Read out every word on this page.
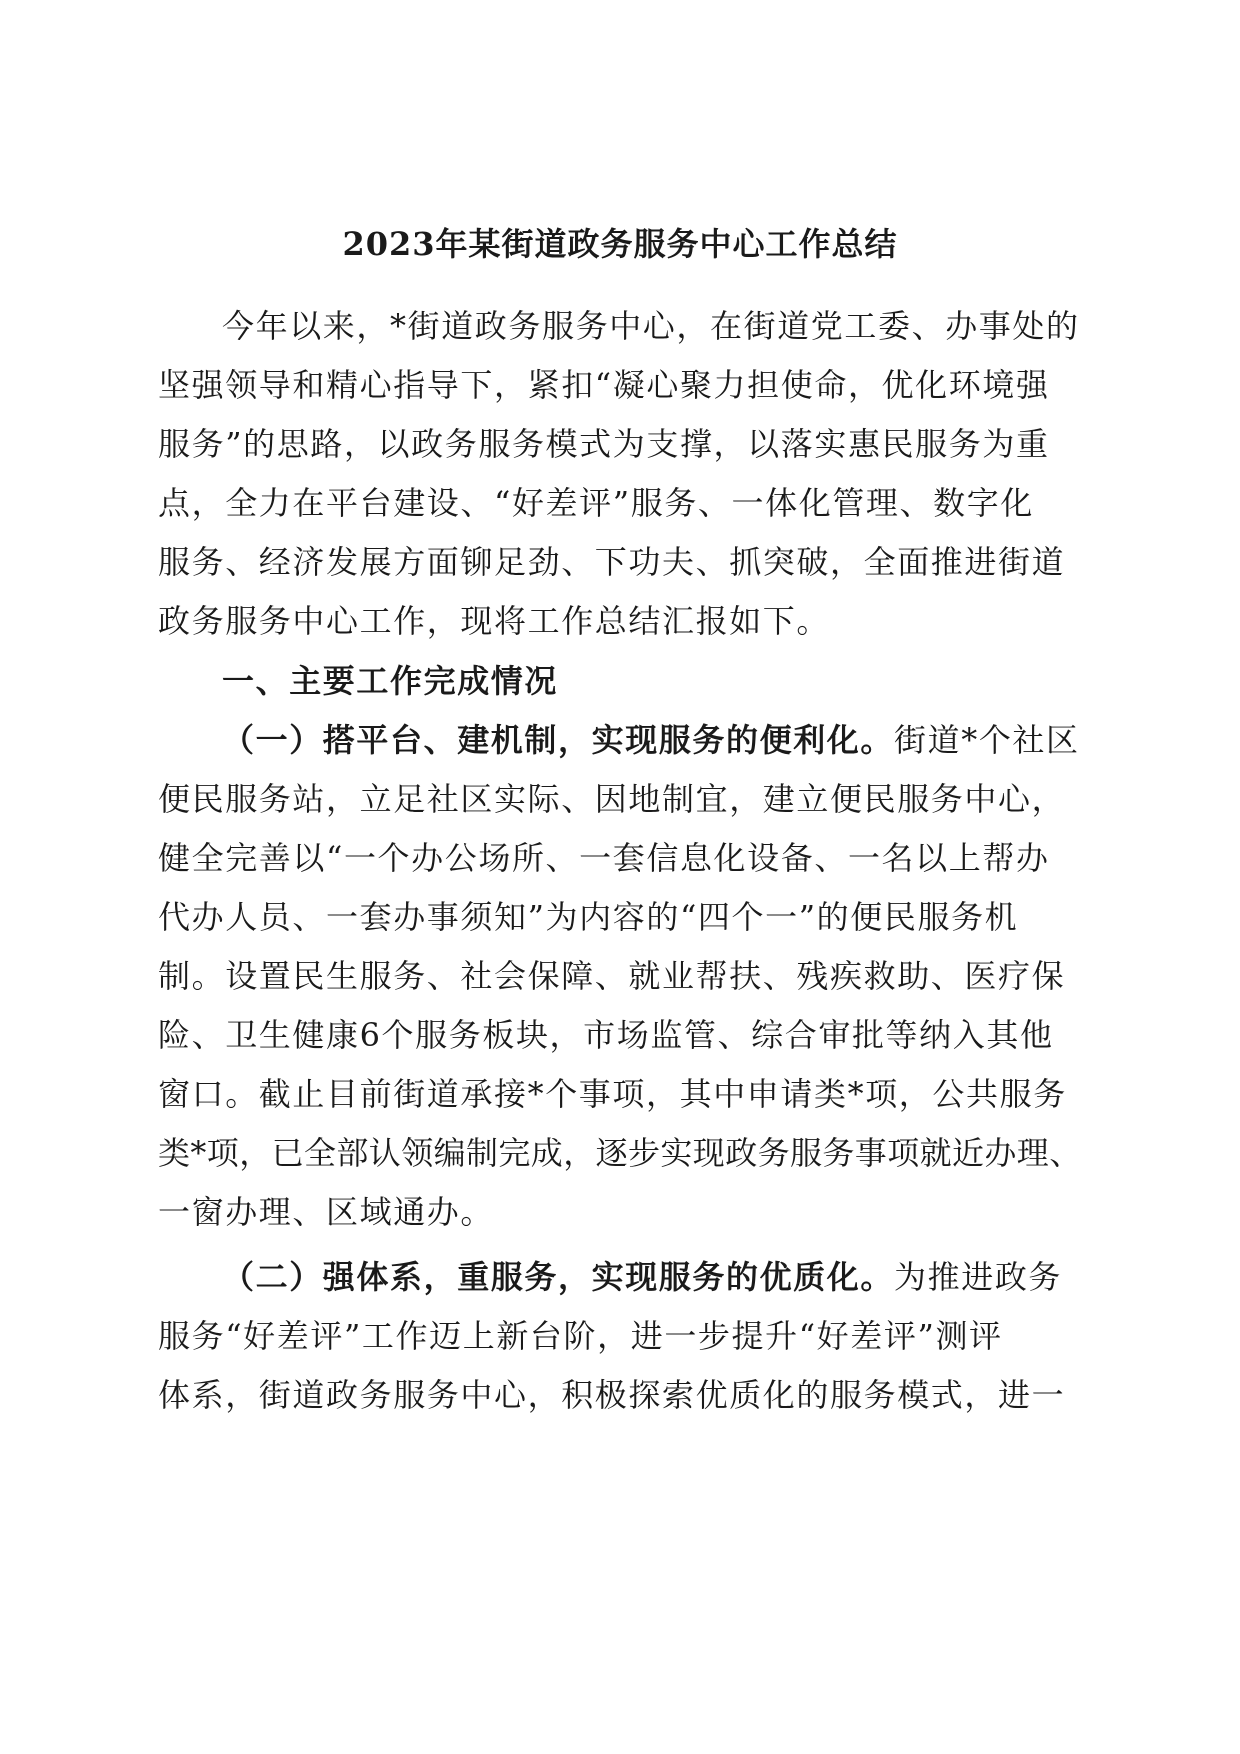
2023年某街道政务服务中心工作总结
今年以来，*街道政务服务中心，在街道党工委、办事处的
坚强领导和精心指导下，紧扣“凝心聚力担使命，优化环境强
服务”的思路，以政务服务模式为支撑，以落实惠民服务为重
点，全力在平台建设、“好差评”服务、一体化管理、数字化
服务、经济发展方面铆足劲、下功夫、抓突破，全面推进街道
政务服务中心工作，现将工作总结汇报如下。
一、主要工作完成情况
（一）搭平台、建机制，实现服务的便利化。街道*个社区
便民服务站，立足社区实际、因地制宜，建立便民服务中心，
健全完善以“一个办公场所、一套信息化设备、一名以上帮办
代办人员、一套办事须知”为内容的“四个一”的便民服务机
制。设置民生服务、社会保障、就业帮扶、残疾救助、医疗保
险、卫生健康6个服务板块，市场监管、综合审批等纳入其他
窗口。截止目前街道承接*个事项，其中申请类*项，公共服务
类*项，已全部认领编制完成，逐步实现政务服务事项就近办理、
一窗办理、区域通办。
（二）强体系，重服务，实现服务的优质化。为推进政务
服务“好差评”工作迈上新台阶，进一步提升“好差评”测评
体系，街道政务服务中心，积极探索优质化的服务模式，进一
